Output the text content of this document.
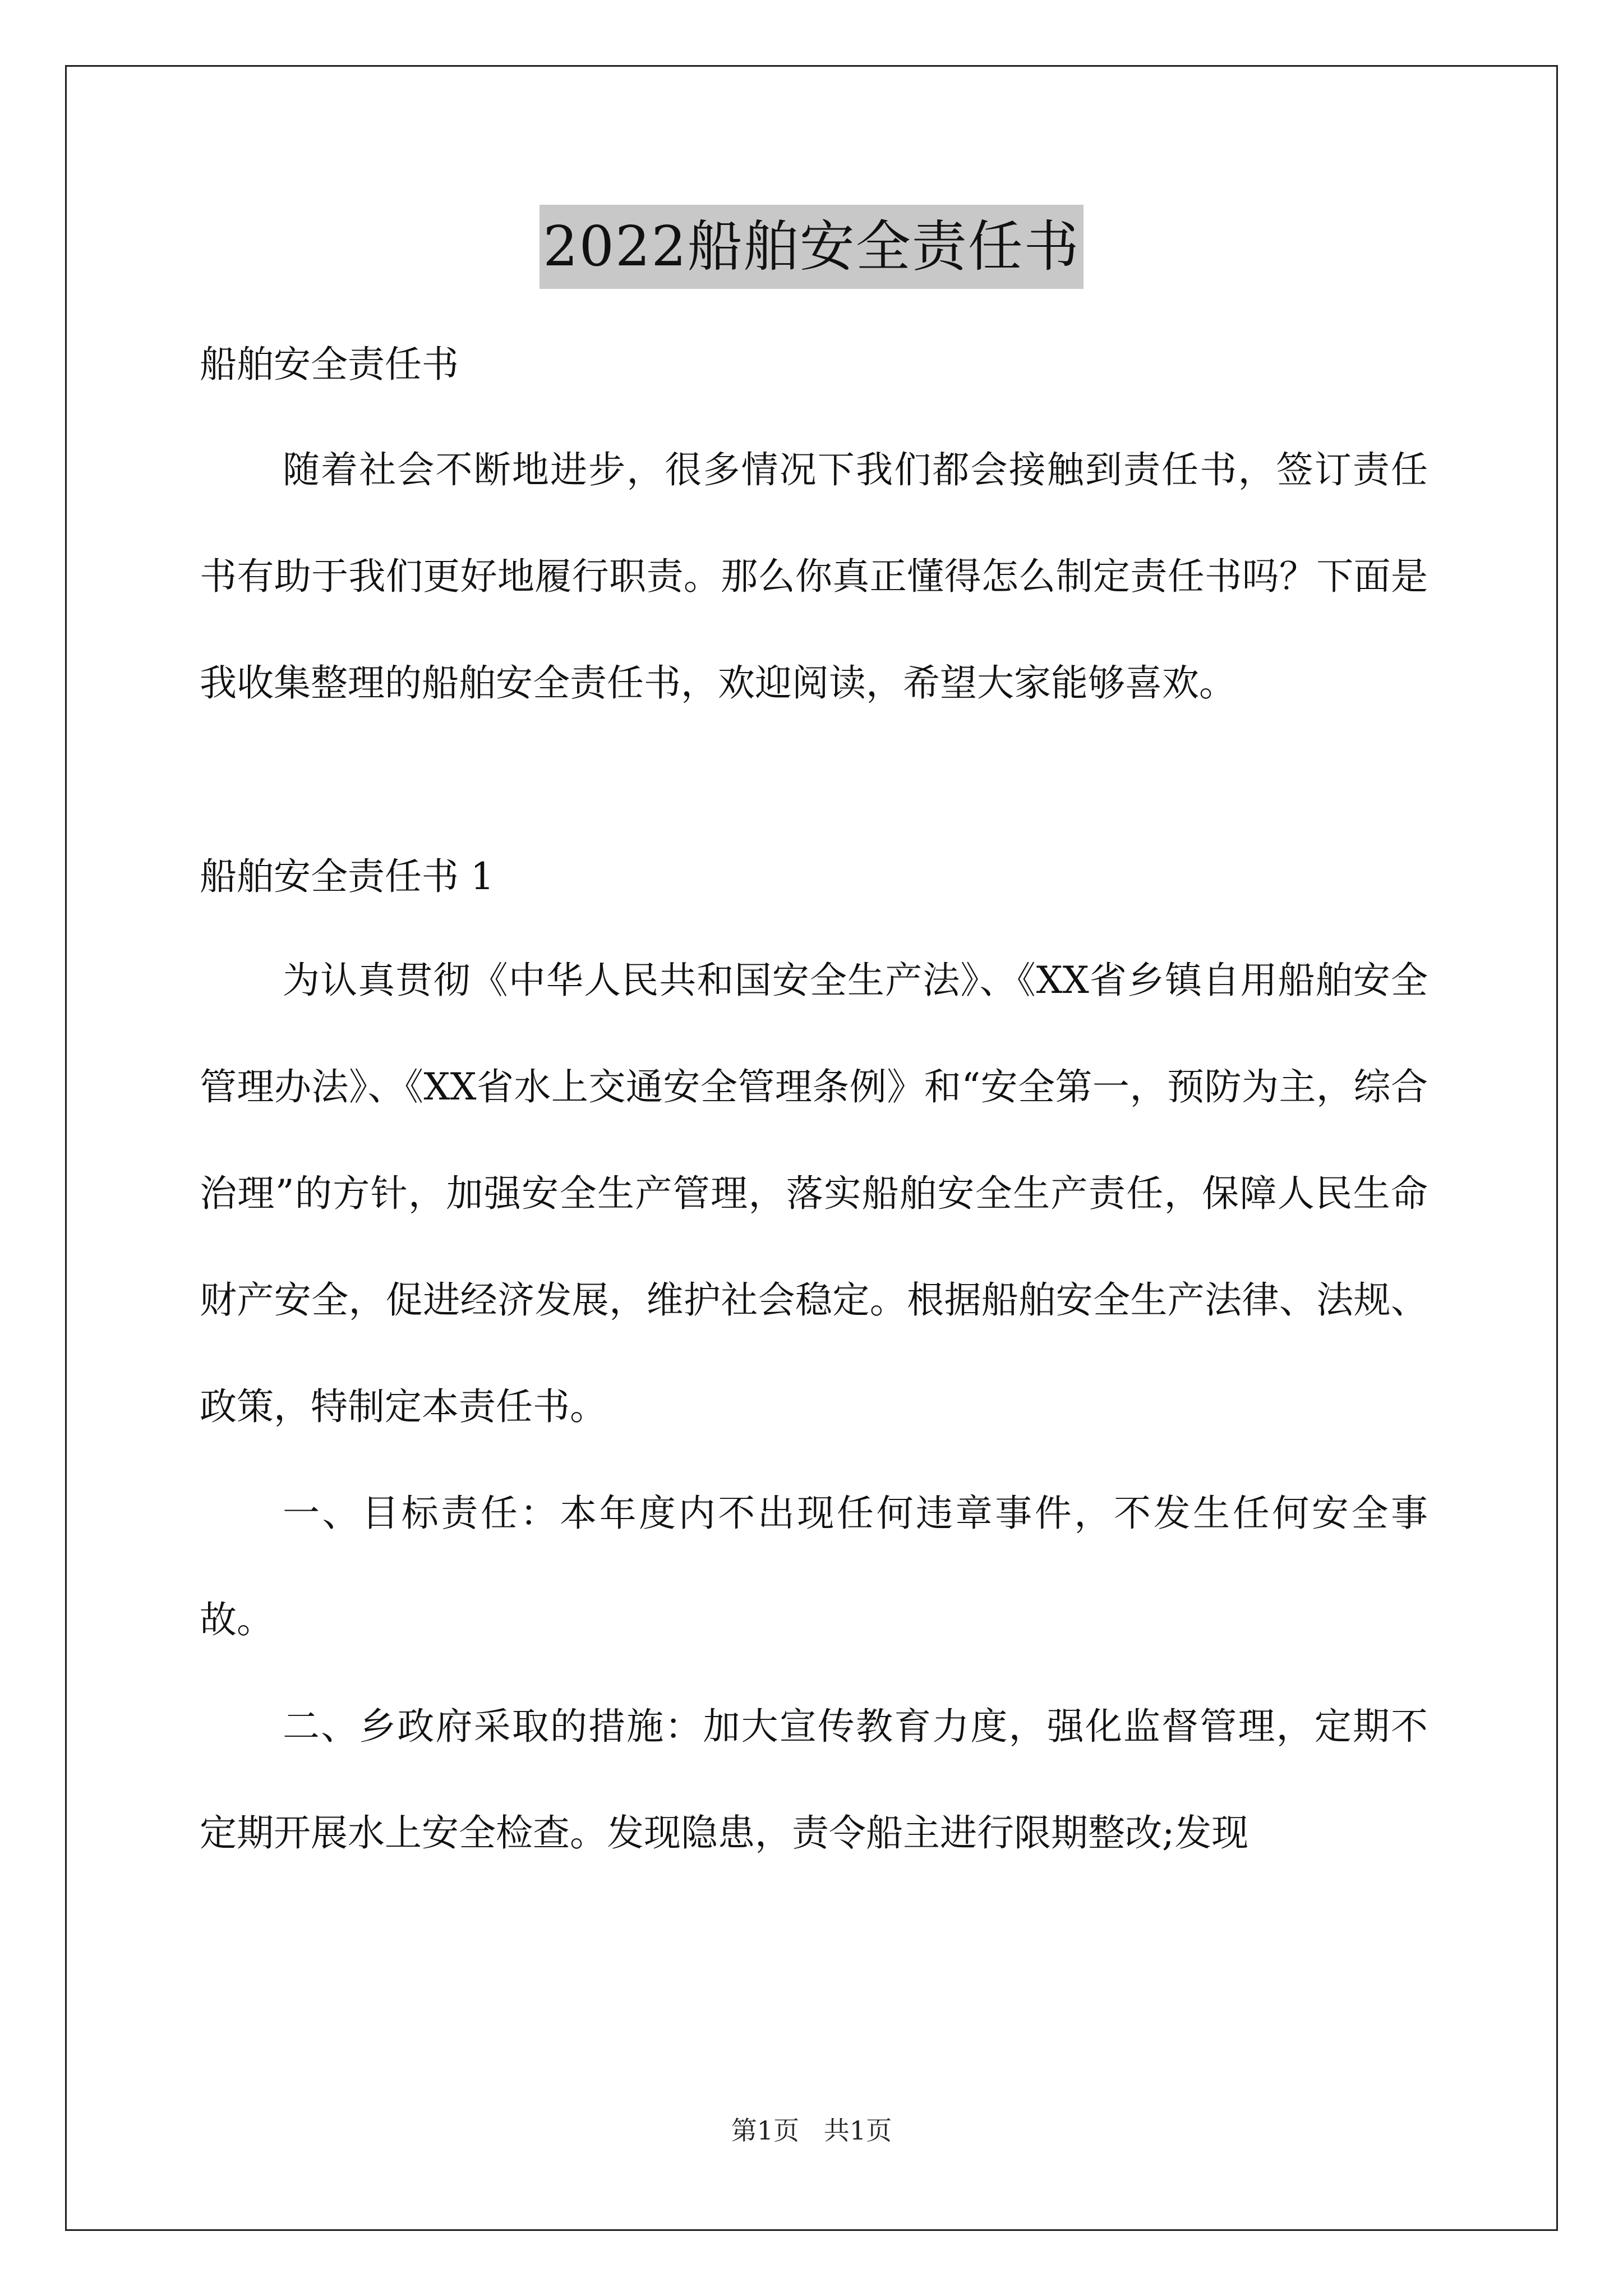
2022船舶安全责任书

船舶安全责任书

随着社会不断地进步，很多情况下我们都会接触到责任书，签订责任书有助于我们更好地履行职责。那么你真正懂得怎么制定责任书吗？下面是我收集整理的船舶安全责任书，欢迎阅读，希望大家能够喜欢。

船舶安全责任书 1

为认真贯彻《中华人民共和国安全生产法》、《XX省乡镇自用船舶安全管理办法》、《XX省水上交通安全管理条例》和“安全第一，预防为主，综合治理”的方针，加强安全生产管理，落实船舶安全生产责任，保障人民生命财产安全，促进经济发展，维护社会稳定。根据船舶安全生产法律、法规、政策，特制定本责任书。

一、目标责任：本年度内不出现任何违章事件，不发生任何安全事故。

二、乡政府采取的措施：加大宣传教育力度，强化监督管理，定期不定期开展水上安全检查。发现隐患，责令船主进行限期整改;发现

第1页   共1页
